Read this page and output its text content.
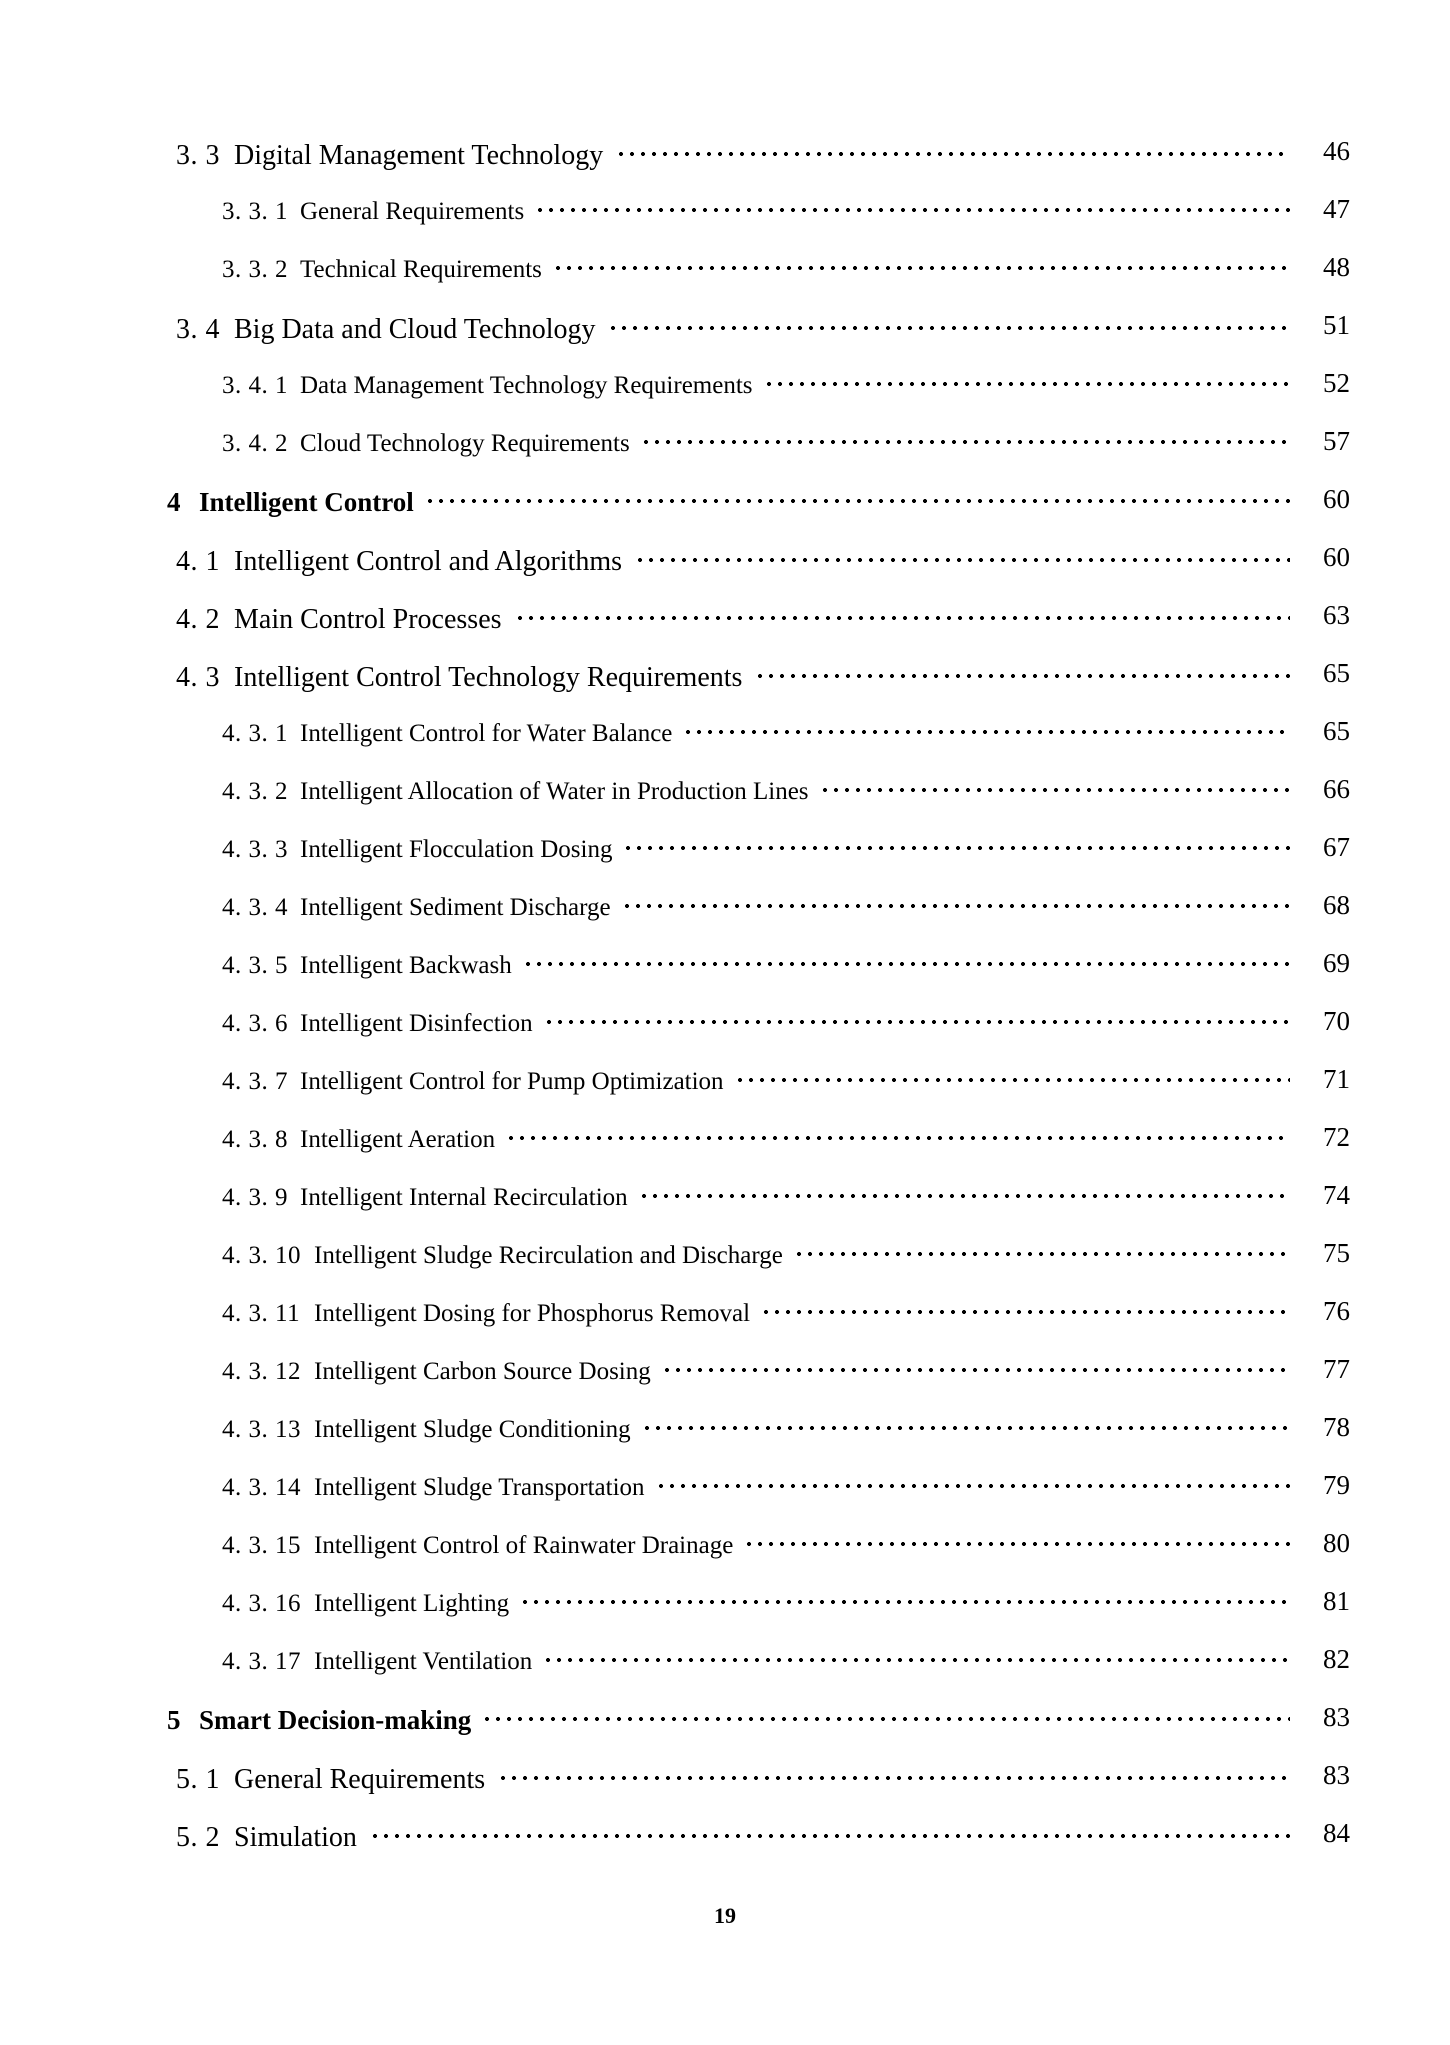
3. 3 Digital Management Technology	46
3. 3. 1 General Requirements	47
3. 3. 2 Technical Requirements	48
3. 4 Big Data and Cloud Technology	51
3. 4. 1 Data Management Technology Requirements	52
3. 4. 2 Cloud Technology Requirements	57
4 Intelligent Control	60
4. 1 Intelligent Control and Algorithms	60
4. 2 Main Control Processes	63
4. 3 Intelligent Control Technology Requirements	65
4. 3. 1 Intelligent Control for Water Balance	65
4. 3. 2 Intelligent Allocation of Water in Production Lines	66
4. 3. 3 Intelligent Flocculation Dosing	67
4. 3. 4 Intelligent Sediment Discharge	68
4. 3. 5 Intelligent Backwash	69
4. 3. 6 Intelligent Disinfection	70
4. 3. 7 Intelligent Control for Pump Optimization	71
4. 3. 8 Intelligent Aeration	72
4. 3. 9 Intelligent Internal Recirculation	74
4. 3. 10 Intelligent Sludge Recirculation and Discharge	75
4. 3. 11 Intelligent Dosing for Phosphorus Removal	76
4. 3. 12 Intelligent Carbon Source Dosing	77
4. 3. 13 Intelligent Sludge Conditioning	78
4. 3. 14 Intelligent Sludge Transportation	79
4. 3. 15 Intelligent Control of Rainwater Drainage	80
4. 3. 16 Intelligent Lighting	81
4. 3. 17 Intelligent Ventilation	82
5 Smart Decision-making	83
5. 1 General Requirements	83
5. 2 Simulation	84
19
